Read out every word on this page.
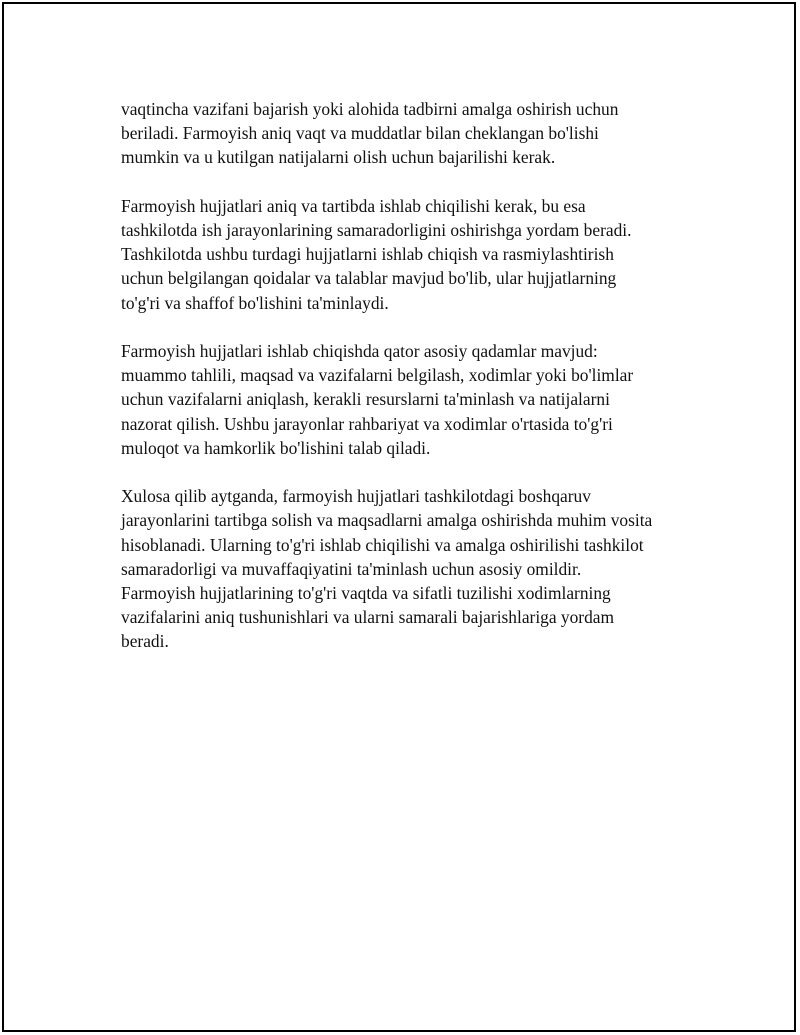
vaqtincha vazifani bajarish yoki alohida tadbirni amalga oshirish uchun
beriladi. Farmoyish aniq vaqt va muddatlar bilan cheklangan bo'lishi
mumkin va u kutilgan natijalarni olish uchun bajarilishi kerak.

Farmoyish hujjatlari aniq va tartibda ishlab chiqilishi kerak, bu esa
tashkilotda ish jarayonlarining samaradorligini oshirishga yordam beradi.
Tashkilotda ushbu turdagi hujjatlarni ishlab chiqish va rasmiylashtirish
uchun belgilangan qoidalar va talablar mavjud bo'lib, ular hujjatlarning
to'g'ri va shaffof bo'lishini ta'minlaydi.

Farmoyish hujjatlari ishlab chiqishda qator asosiy qadamlar mavjud:
muammo tahlili, maqsad va vazifalarni belgilash, xodimlar yoki bo'limlar
uchun vazifalarni aniqlash, kerakli resurslarni ta'minlash va natijalarni
nazorat qilish. Ushbu jarayonlar rahbariyat va xodimlar o'rtasida to'g'ri
muloqot va hamkorlik bo'lishini talab qiladi.

Xulosa qilib aytganda, farmoyish hujjatlari tashkilotdagi boshqaruv
jarayonlarini tartibga solish va maqsadlarni amalga oshirishda muhim vosita
hisoblanadi. Ularning to'g'ri ishlab chiqilishi va amalga oshirilishi tashkilot
samaradorligi va muvaffaqiyatini ta'minlash uchun asosiy omildir.
Farmoyish hujjatlarining to'g'ri vaqtda va sifatli tuzilishi xodimlarning
vazifalarini aniq tushunishlari va ularni samarali bajarishlariga yordam
beradi.
